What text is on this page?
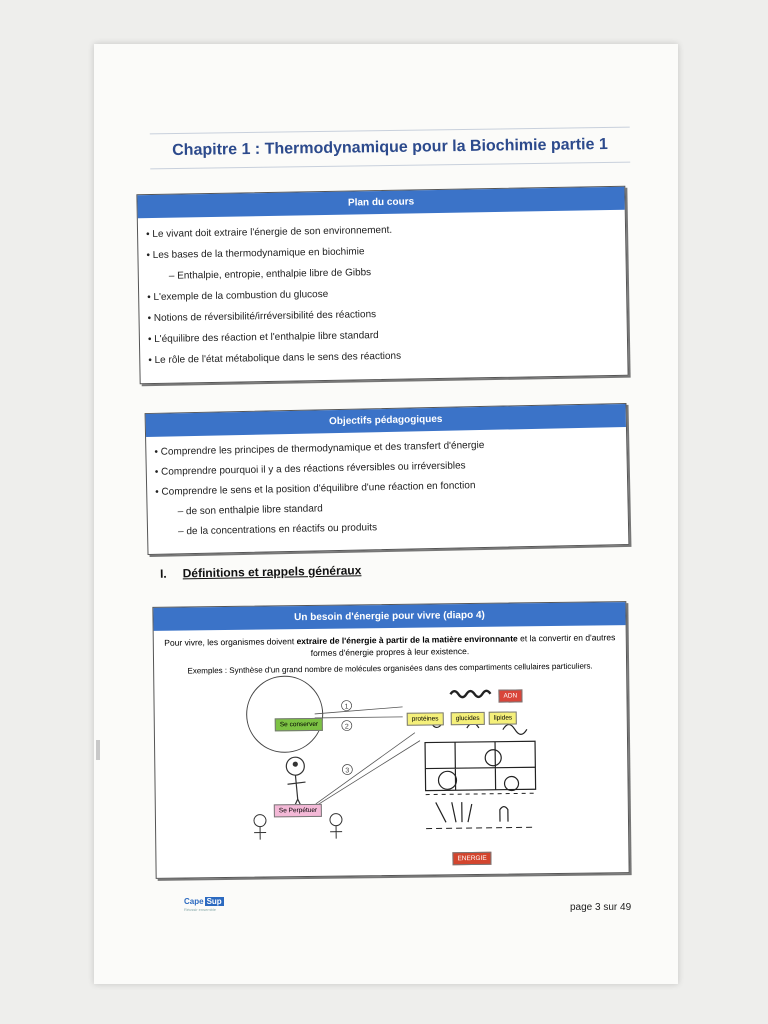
Chapitre 1 : Thermodynamique pour la Biochimie partie 1
Plan du cours
• Le vivant doit extraire l'énergie de son environnement.
• Les bases de la thermodynamique en biochimie
– Enthalpie, entropie, enthalpie libre de Gibbs
• L'exemple de la combustion du glucose
• Notions de réversibilité/irréversibilité des réactions
• L'équilibre des réaction et l'enthalpie libre standard
• Le rôle de l'état métabolique dans le sens des réactions
Objectifs pédagogiques
• Comprendre les principes de thermodynamique et des transfert d'énergie
• Comprendre pourquoi il y a des réactions réversibles ou irréversibles
• Comprendre le sens et la position d'équilibre d'une réaction en fonction
– de son enthalpie libre standard
– de la concentrations en réactifs ou produits
I. Définitions et rappels généraux
Un besoin d'énergie pour vivre (diapo 4)
Pour vivre, les organismes doivent extraire de l'énergie à partir de la matière environnante et la convertir en d'autres formes d'énergie propres à leur existence.
Exemples : Synthèse d'un grand nombre de molécules organisées dans des compartiments cellulaires particuliers.
1
2
3
Se conserver
Se Perpétuer
protéines	glucides	lipides
ADN
ENERGIE
Cape Sup
Réussir ensemble	page 3 sur 49
